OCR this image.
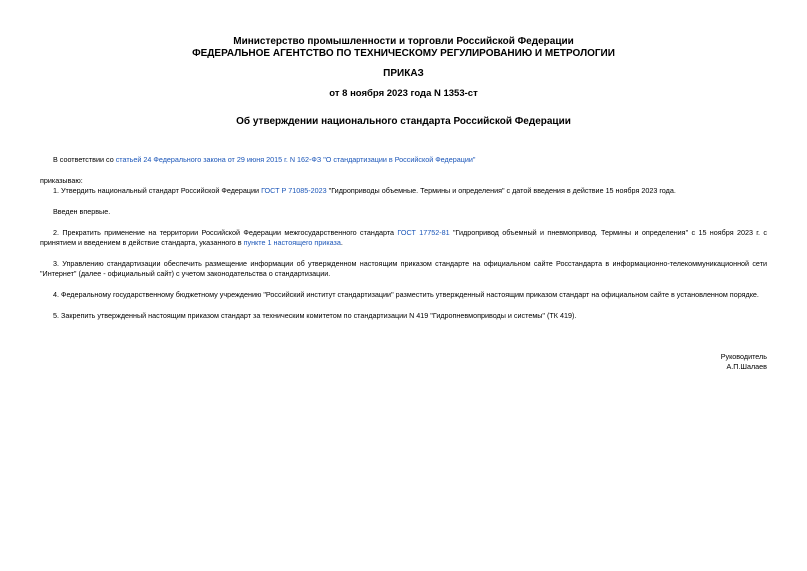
Министерство промышленности и торговли Российской Федерации
ФЕДЕРАЛЬНОЕ АГЕНТСТВО ПО ТЕХНИЧЕСКОМУ РЕГУЛИРОВАНИЮ И МЕТРОЛОГИИ
ПРИКАЗ
от 8 ноября 2023 года N 1353-ст
Об утверждении национального стандарта Российской Федерации
В соответствии со статьей 24 Федерального закона от 29 июня 2015 г. N 162-ФЗ "О стандартизации в Российской Федерации"
приказываю:
1. Утвердить национальный стандарт Российской Федерации ГОСТ Р 71085-2023 "Гидроприводы объемные. Термины и определения" с датой введения в действие 15 ноября 2023 года.
Введен впервые.
2. Прекратить применение на территории Российской Федерации межгосударственного стандарта ГОСТ 17752-81 "Гидропривод объемный и пневмопривод. Термины и определения" с 15 ноября 2023 г. с принятием и введением в действие стандарта, указанного в пункте 1 настоящего приказа.
3. Управлению стандартизации обеспечить размещение информации об утвержденном настоящим приказом стандарте на официальном сайте Росстандарта в информационно-телекоммуникационной сети "Интернет" (далее - официальный сайт) с учетом законодательства о стандартизации.
4. Федеральному государственному бюджетному учреждению "Российский институт стандартизации" разместить утвержденный настоящим приказом стандарт на официальном сайте в установленном порядке.
5. Закрепить утвержденный настоящим приказом стандарт за техническим комитетом по стандартизации N 419 "Гидропневмоприводы и системы" (ТК 419).
Руководитель
А.П.Шалаев
